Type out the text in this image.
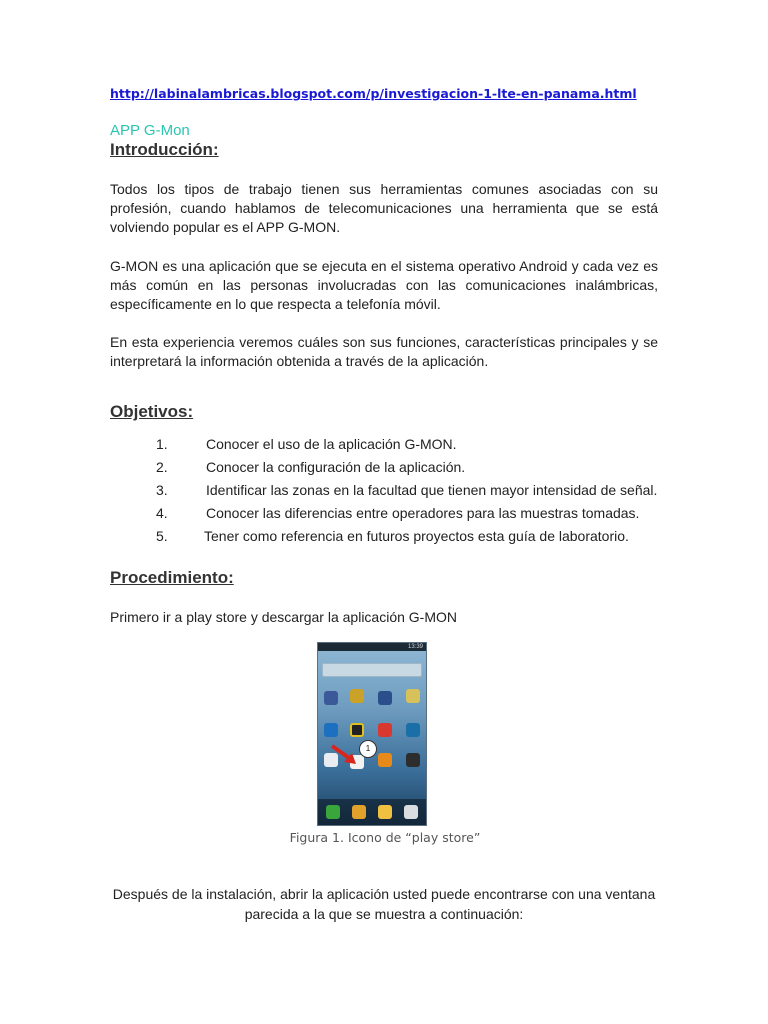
http://labinalambricas.blogspot.com/p/investigacion-1-lte-en-panama.html
APP G-Mon
Introducción:
Todos los tipos de trabajo tienen sus herramientas comunes asociadas con su profesión, cuando hablamos de telecomunicaciones una herramienta que se está volviendo popular es el APP G-MON.
G-MON es una aplicación que se ejecuta en el sistema operativo Android y cada vez es más común en las personas involucradas con las comunicaciones inalámbricas, específicamente en lo que respecta a telefonía móvil.
En esta experiencia veremos cuáles son sus funciones, características principales y se interpretará la información obtenida a través de la aplicación.
Objetivos:
1.	Conocer el uso de la aplicación G-MON.
2.	Conocer la configuración de la aplicación.
3.	Identificar las zonas en la facultad que tienen mayor intensidad de señal.
4.	Conocer las diferencias entre operadores para las muestras tomadas.
5.	Tener como referencia en futuros proyectos esta guía de laboratorio.
Procedimiento:
Primero ir a play store y descargar la aplicación G-MON
13:39
1
Figura 1. Icono de “play store”
Después de la instalación, abrir la aplicación usted puede encontrarse con una ventana parecida a la que se muestra a continuación:
